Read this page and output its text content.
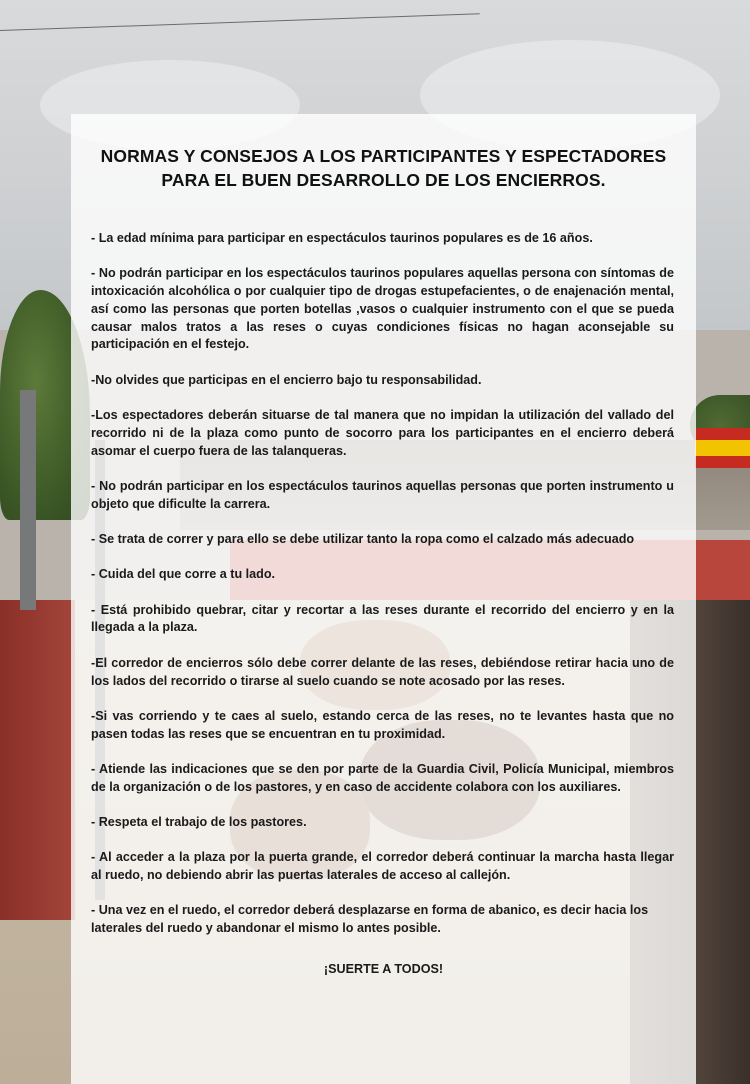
NORMAS Y CONSEJOS A LOS PARTICIPANTES Y ESPECTADORES
PARA EL BUEN DESARROLLO DE LOS ENCIERROS.

- La edad mínima para participar en espectáculos taurinos populares es de 16 años.

- No podrán participar en los espectáculos taurinos populares aquellas persona con síntomas de intoxicación alcohólica o por cualquier tipo de drogas estupefacientes, o de enajenación mental, así como las personas que porten botellas ,vasos o cualquier instrumento con el que se pueda causar malos tratos a las reses o cuyas condiciones físicas no hagan aconsejable su participación en el festejo.

-No olvides que participas en el encierro bajo tu responsabilidad.

-Los espectadores deberán situarse de tal manera que no impidan la utilización del vallado del recorrido ni de la plaza como punto de socorro para los participantes en el encierro deberá asomar el cuerpo fuera de las talanqueras.

- No podrán participar en los espectáculos taurinos aquellas personas que porten instrumento u objeto que dificulte la carrera.

- Se trata de correr y para ello se debe utilizar tanto la ropa como el calzado más adecuado

- Cuida del que corre a tu lado.

- Está prohibido quebrar, citar y recortar a las reses durante el recorrido del encierro y en la llegada a la plaza.

-El corredor de encierros sólo debe correr delante de las reses, debiéndose retirar hacia uno de los lados del recorrido o tirarse al suelo cuando se note acosado por las reses.

-Si vas corriendo y te caes al suelo, estando cerca de las reses, no te levantes hasta que no pasen todas las reses que se encuentran en tu proximidad.

- Atiende las indicaciones que se den por parte de la Guardia Civil, Policía Municipal, miembros de la organización o de los pastores, y en caso de accidente colabora con los auxiliares.

- Respeta el trabajo de los pastores.

- Al acceder a la plaza por la puerta grande, el corredor deberá continuar la marcha hasta llegar al ruedo, no debiendo abrir las puertas laterales de acceso al callejón.

- Una vez en el ruedo, el corredor deberá desplazarse en forma de abanico, es decir hacia los laterales del ruedo y abandonar el mismo lo antes posible.

¡SUERTE A TODOS!
